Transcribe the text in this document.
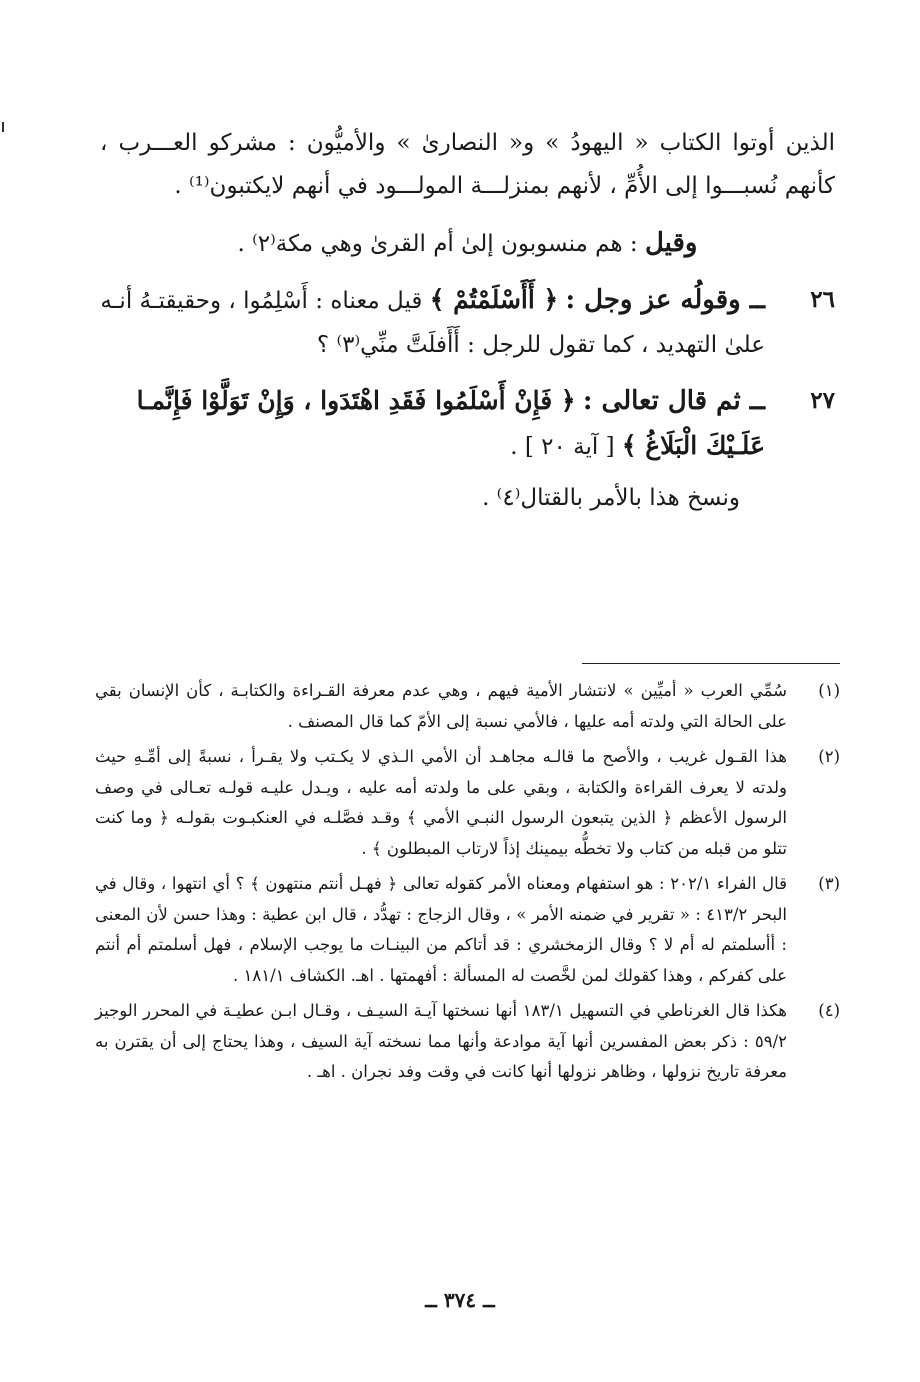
الذين أوتوا الكتاب « اليهودُ » و« النصارىٰ » والأميُّون : مشركو العـــرب ، كأنهم نُسبـــوا إلى الأُمِّ ، لأنهم بمنزلـــة المولـــود في أنهم لايكتبون⁽¹⁾ .

وقيل : هم منسوبون إلىٰ أم القرىٰ وهي مكة⁽٢⁾ .

٢٦
ــ وقولُه عز وجل : ﴿ أَأَسْلَمْتُمْ ﴾ قيل معناه : أَسْلِمُوا ، وحقيقتـهُ أنـه علىٰ التهديد ، كما تقول للرجل : أَأَفلَتَّ منِّي⁽٣⁾ ؟
٢٧
ــ ثم قال تعالى : ﴿ فَإِنْ أَسْلَمُوا فَقَدِ اهْتَدَوا ، وَإِنْ تَوَلَّوْا فَإِنَّمـا عَلَـيْكَ الْبَلَاغُ ﴾ [ آية ٢٠ ] .

ونسخ هذا بالأمر بالقتال⁽٤⁾ .

(١)
سُمِّي العرب « أميِّين » لانتشار الأمية فيهم ، وهي عدم معرفة القـراءة والكتابـة ، كأن الإنسان بقي على الحالة التي ولدته أمه عليها ، فالأمي نسبة إلى الأمّ كما قال المصنف .
(٢)
هذا القـول غريب ، والأصح ما قالـه مجاهـد أن الأمي الـذي لا يكـتب ولا يقـرأ ، نسبةً إلى أمِّـهِ حيث ولدته لا يعرف القراءة والكتابة ، وبقي على ما ولدته أمه عليه ، ويـدل عليـه قولـه تعـالى في وصف الرسول الأعظم ﴿ الذين يتبعون الرسول النبـي الأمي ﴾ وقـد فصَّلـه في العنكبـوت بقولـه ﴿ وما كنت تتلو من قبله من كتاب ولا تخطُّه بيمينك إذاً لارتاب المبطلون ﴾ .
(٣)
قال الفراء ٢٠٢/١ : هو استفهام ومعناه الأمر كقوله تعالى ﴿ فهـل أنتم منتهون ﴾ ؟ أي انتهوا ، وقال في البحر ٤١٣/٢ : « تقرير في ضمنه الأمر » ، وقال الزجاج : تهدُّد ، قال ابن عطية : وهذا حسن لأن المعنى : أأسلمتم له أم لا ؟ وقال الزمخشري : قد أتاكم من البينـات ما يوجب الإسلام ، فهل أسلمتم أم أنتم على كفركم ، وهذا كقولك لمن لخَّصت له المسألة : أفهمتها . اهـ. الكشاف ١٨١/١ .
(٤)
هكذا قال الغرناطي في التسهيل ١٨٣/١ أنها نسختها آيـة السيـف ، وقـال ابـن عطيـة في المحرر الوجيز ٥٩/٢ : ذكر بعض المفسرين أنها آية موادعة وأنها مما نسخته آية السيف ، وهذا يحتاج إلى أن يقترن به معرفة تاريخ نزولها ، وظاهر نزولها أنها كانت في وقت وفد نجران . اهـ .
ــ ٣٧٤ ــ
